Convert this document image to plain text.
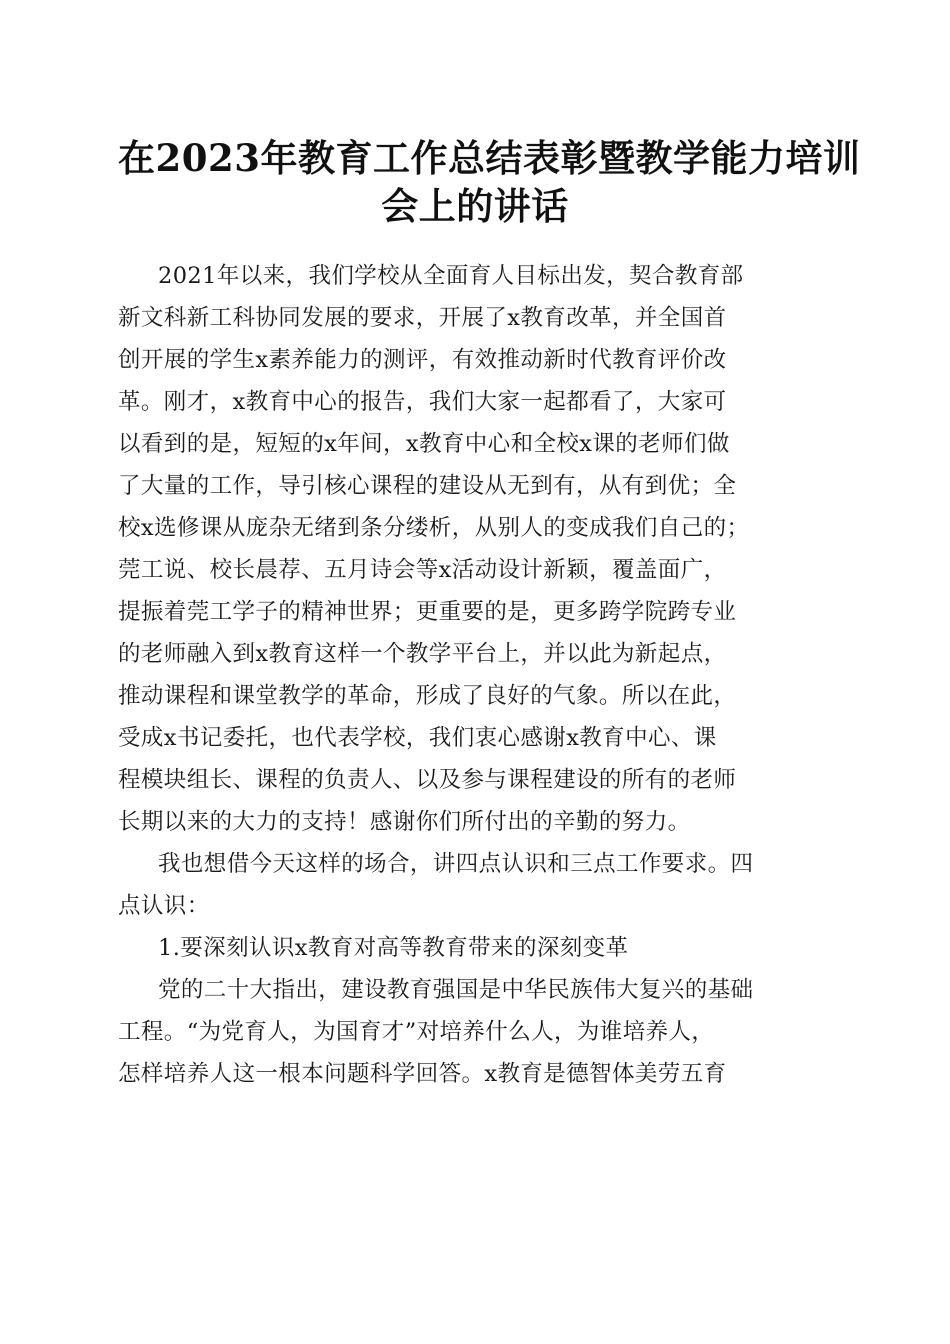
在2023年教育工作总结表彰暨教学能力培训
会上的讲话

2021年以来，我们学校从全面育人目标出发，契合教育部
新文科新工科协同发展的要求，开展了x教育改革，并全国首
创开展的学生x素养能力的测评，有效推动新时代教育评价改
革。刚才，x教育中心的报告，我们大家一起都看了，大家可
以看到的是，短短的x年间，x教育中心和全校x课的老师们做
了大量的工作，导引核心课程的建设从无到有，从有到优；全
校x选修课从庞杂无绪到条分缕析，从别人的变成我们自己的；
莞工说、校长晨荐、五月诗会等x活动设计新颖，覆盖面广，
提振着莞工学子的精神世界；更重要的是，更多跨学院跨专业
的老师融入到x教育这样一个教学平台上，并以此为新起点，
推动课程和课堂教学的革命，形成了良好的气象。所以在此，
受成x书记委托，也代表学校，我们衷心感谢x教育中心、课
程模块组长、课程的负责人、以及参与课程建设的所有的老师
长期以来的大力的支持！感谢你们所付出的辛勤的努力。

我也想借今天这样的场合，讲四点认识和三点工作要求。四
点认识：

1.要深刻认识x教育对高等教育带来的深刻变革

党的二十大指出，建设教育强国是中华民族伟大复兴的基础
工程。“为党育人，为国育才”对培养什么人，为谁培养人，
怎样培养人这一根本问题科学回答。x教育是德智体美劳五育
